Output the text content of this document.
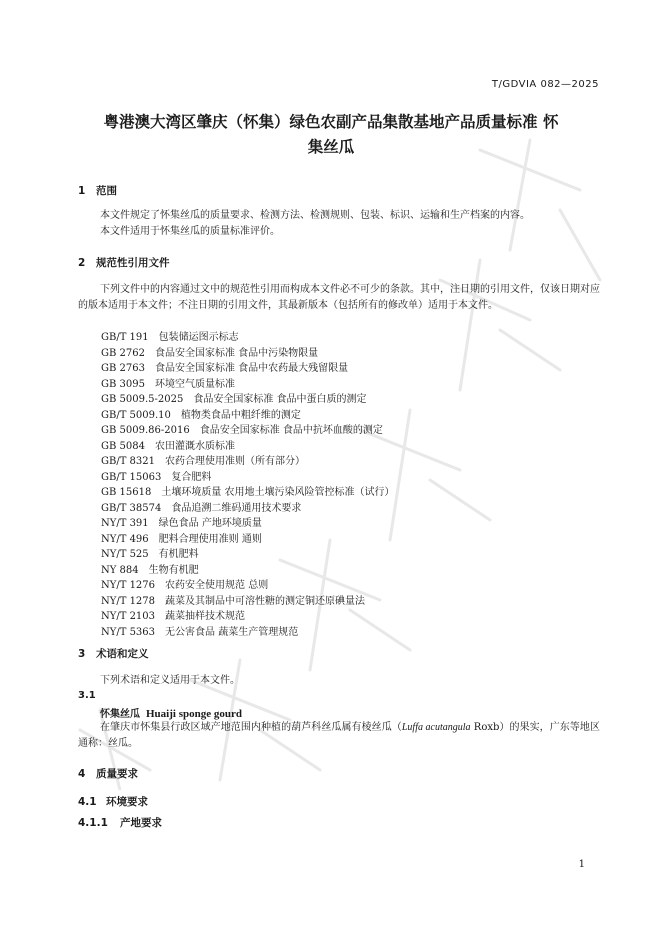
T/GDVIA 082—2025
粤港澳大湾区肇庆（怀集）绿色农副产品集散基地产品质量标准 怀
集丝瓜
1 范围
本文件规定了怀集丝瓜的质量要求、检测方法、检测规则、包装、标识、运输和生产档案的内容。
本文件适用于怀集丝瓜的质量标准评价。
2 规范性引用文件
下列文件中的内容通过文中的规范性引用而构成本文件必不可少的条款。其中，注日期的引用文件，仅该日期对应的版本适用于本文件；不注日期的引用文件，其最新版本（包括所有的修改单）适用于本文件。
GB/T 191 包装储运图示标志
GB 2762 食品安全国家标准 食品中污染物限量
GB 2763 食品安全国家标准 食品中农药最大残留限量
GB 3095 环境空气质量标准
GB 5009.5-2025 食品安全国家标准 食品中蛋白质的测定
GB/T 5009.10 植物类食品中粗纤维的测定
GB 5009.86-2016 食品安全国家标准 食品中抗坏血酸的测定
GB 5084 农田灌溉水质标准
GB/T 8321 农药合理使用准则（所有部分）
GB/T 15063 复合肥料
GB 15618 土壤环境质量 农用地土壤污染风险管控标准（试行）
GB/T 38574 食品追溯二维码通用技术要求
NY/T 391 绿色食品 产地环境质量
NY/T 496 肥料合理使用准则 通则
NY/T 525 有机肥料
NY 884 生物有机肥
NY/T 1276 农药安全使用规范 总则
NY/T 1278 蔬菜及其制品中可溶性糖的测定铜还原碘量法
NY/T 2103 蔬菜抽样技术规范
NY/T 5363 无公害食品 蔬菜生产管理规范
3 术语和定义
下列术语和定义适用于本文件。
3.1
怀集丝瓜 Huaiji sponge gourd
在肇庆市怀集县行政区域产地范围内种植的葫芦科丝瓜属有棱丝瓜（Luffa acutangula Roxb）的果实，广东等地区通称：丝瓜。
4 质量要求
4.1 环境要求
4.1.1 产地要求
1
